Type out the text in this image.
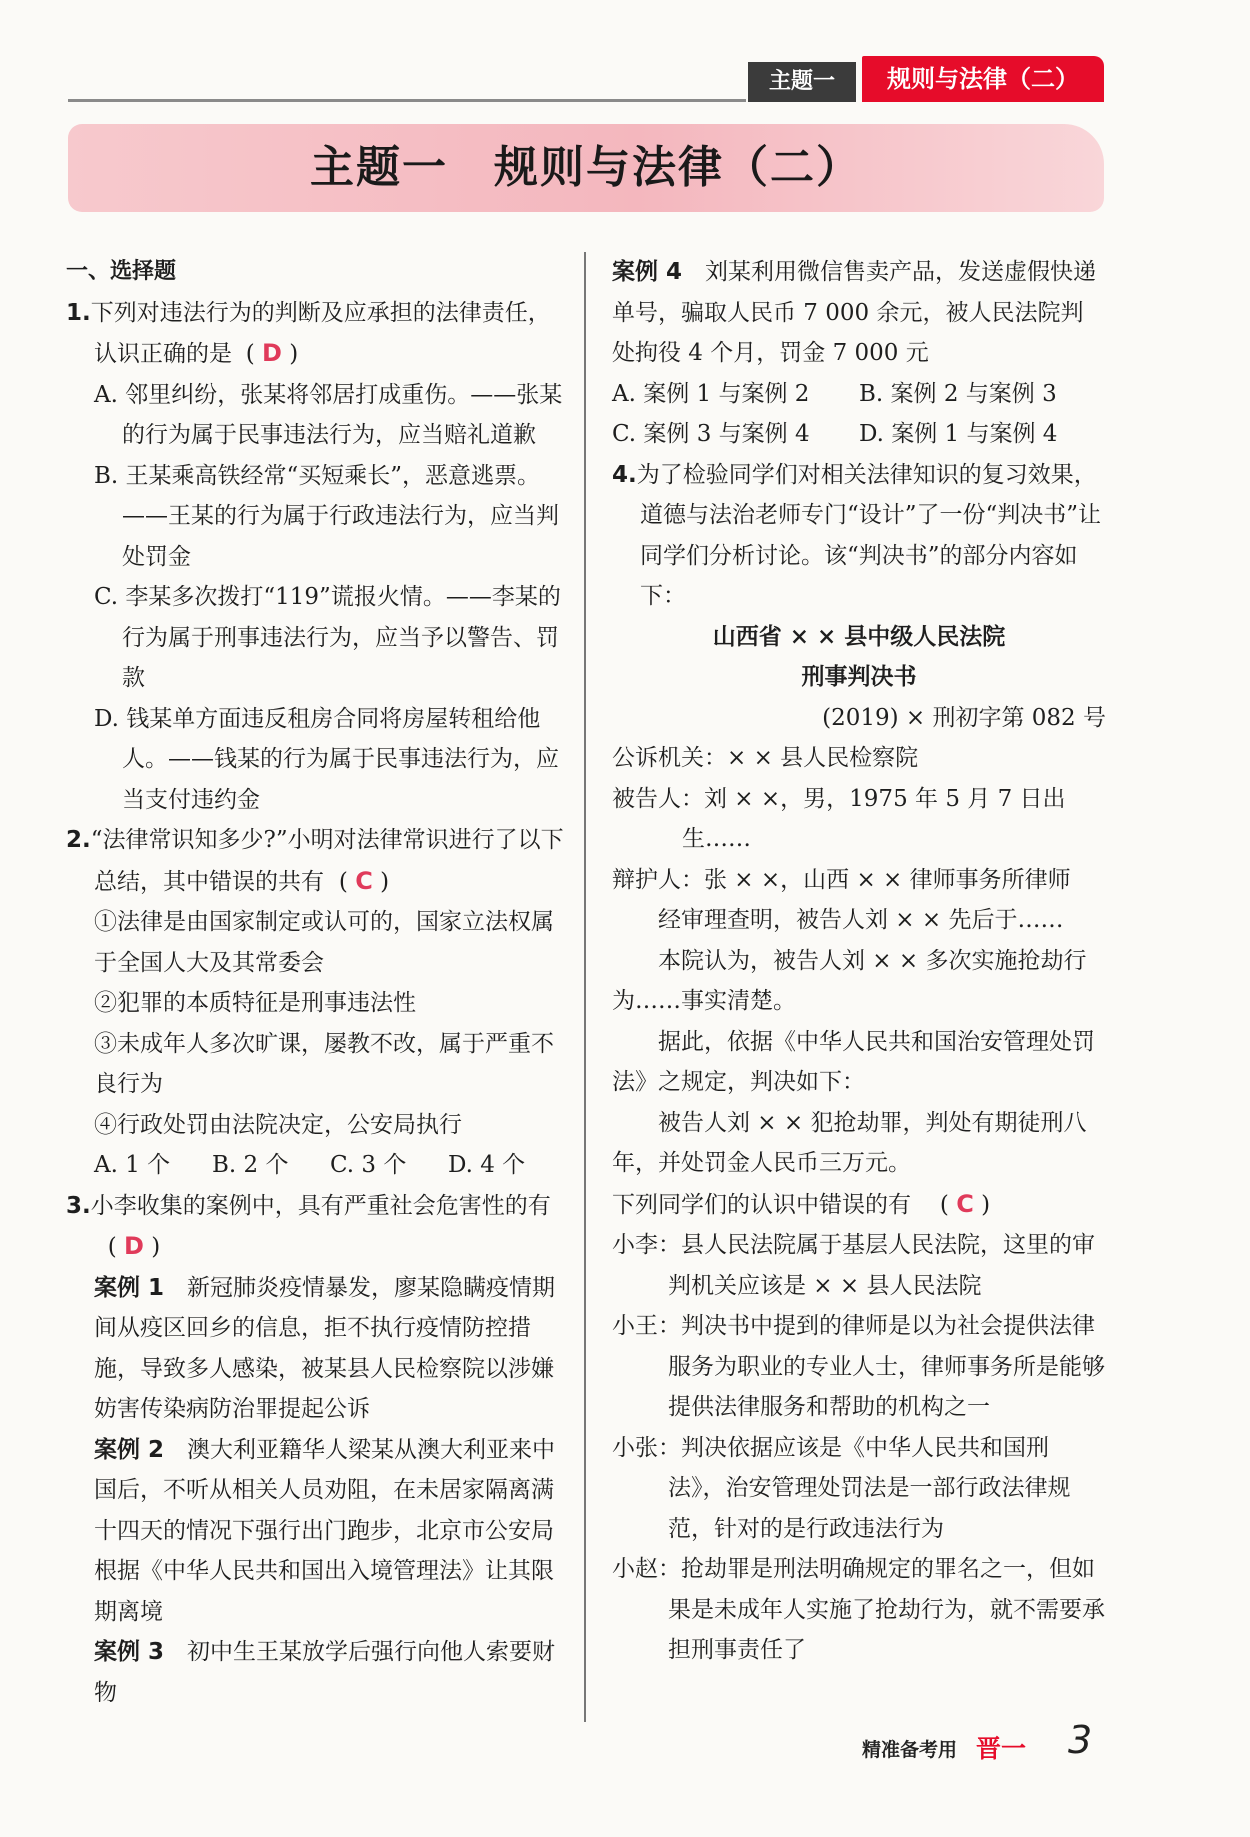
主题一	规则与法律（二）
主题一　规则与法律（二）

一、选择题

1.下列对违法行为的判断及应承担的法律责任，认识正确的是 ( D )

A. 邻里纠纷，张某将邻居打成重伤。——张某的行为属于民事违法行为，应当赔礼道歉

B. 王某乘高铁经常“买短乘长”，恶意逃票。——王某的行为属于行政违法行为，应当判处罚金

C. 李某多次拨打“119”谎报火情。——李某的行为属于刑事违法行为，应当予以警告、罚款

D. 钱某单方面违反租房合同将房屋转租给他人。——钱某的行为属于民事违法行为，应当支付违约金

2.“法律常识知多少?”小明对法律常识进行了以下总结，其中错误的共有 ( C )

①法律是由国家制定或认可的，国家立法权属于全国人大及其常委会

②犯罪的本质特征是刑事违法性

③未成年人多次旷课，屡教不改，属于严重不良行为

④行政处罚由法院决定，公安局执行

A. 1 个	B. 2 个	C. 3 个	D. 4 个

3.小李收集的案例中，具有严重社会危害性的有( D )

案例 1　 新冠肺炎疫情暴发，廖某隐瞒疫情期间从疫区回乡的信息，拒不执行疫情防控措施，导致多人感染，被某县人民检察院以涉嫌妨害传染病防治罪提起公诉

案例 2　 澳大利亚籍华人梁某从澳大利亚来中国后，不听从相关人员劝阻，在未居家隔离满十四天的情况下强行出门跑步，北京市公安局根据《中华人民共和国出入境管理法》让其限期离境

案例 3　 初中生王某放学后强行向他人索要财物

案例 4　 刘某利用微信售卖产品，发送虚假快递单号，骗取人民币 7 000 余元，被人民法院判处拘役 4 个月，罚金 7 000 元

A. 案例 1 与案例 2	B. 案例 2 与案例 3
C. 案例 3 与案例 4	D. 案例 1 与案例 4

4.为了检验同学们对相关法律知识的复习效果，道德与法治老师专门“设计”了一份“判决书”让同学们分析讨论。该“判决书”的部分内容如下：

山西省 × × 县中级人民法院

刑事判决书

(2019) × 刑初字第 082 号

公诉机关：× × 县人民检察院

被告人：刘 × ×，男，1975 年 5 月 7 日出生……

辩护人：张 × ×，山西 × × 律师事务所律师

经审理查明，被告人刘 × × 先后于……

本院认为，被告人刘 × × 多次实施抢劫行为……事实清楚。

据此，依据《中华人民共和国治安管理处罚法》之规定，判决如下：

被告人刘 × × 犯抢劫罪，判处有期徒刑八年，并处罚金人民币三万元。

下列同学们的认识中错误的有 ( C )

小李：县人民法院属于基层人民法院，这里的审判机关应该是 × × 县人民法院

小王：判决书中提到的律师是以为社会提供法律服务为职业的专业人士，律师事务所是能够提供法律服务和帮助的机构之一

小张：判决依据应该是《中华人民共和国刑法》，治安管理处罚法是一部行政法律规范，针对的是行政违法行为

小赵：抢劫罪是刑法明确规定的罪名之一，但如果是未成年人实施了抢劫行为，就不需要承担刑事责任了

精准备考用 晋一 3
